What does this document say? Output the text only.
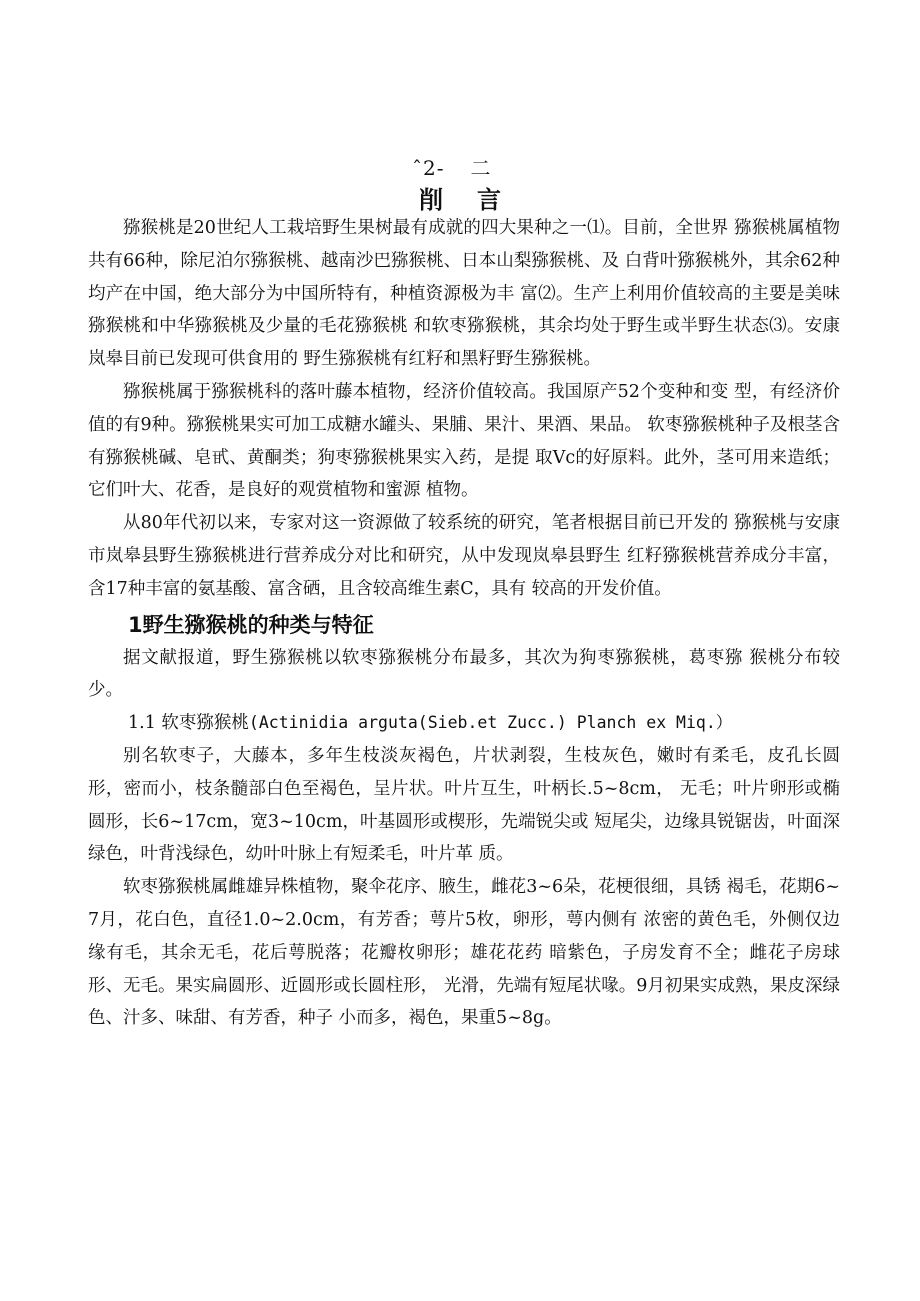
ˆ2- 二
削言

猕猴桃是20世纪人工栽培野生果树最有成就的四大果种之一⑴。目前，全世界 猕猴桃属植物共有66种，除尼泊尔猕猴桃、越南沙巴猕猴桃、日本山梨猕猴桃、及 白背叶猕猴桃外，其余62种均产在中国，绝大部分为中国所特有，种植资源极为丰 富⑵。生产上利用价值较高的主要是美味猕猴桃和中华猕猴桃及少量的毛花猕猴桃 和软枣猕猴桃，其余均处于野生或半野生状态⑶。安康岚皋目前已发现可供食用的 野生猕猴桃有红籽和黑籽野生猕猴桃。

猕猴桃属于猕猴桃科的落叶藤本植物，经济价值较高。我国原产52个变种和变 型，有经济价值的有9种。猕猴桃果实可加工成糖水罐头、果脯、果汁、果酒、果品。 软枣猕猴桃种子及根茎含有猕猴桃碱、皂甙、黄酮类；狗枣猕猴桃果实入药，是提 取Vc的好原料。此外，茎可用来造纸；它们叶大、花香，是良好的观赏植物和蜜源 植物。

从80年代初以来，专家对这一资源做了较系统的研究，笔者根据目前已开发的 猕猴桃与安康市岚皋县野生猕猴桃进行营养成分对比和研究，从中发现岚皋县野生 红籽猕猴桃营养成分丰富，含17种丰富的氨基酸、富含硒，且含较高维生素C，具有 较高的开发价值。

1野生猕猴桃的种类与特征

据文献报道，野生猕猴桃以软枣猕猴桃分布最多，其次为狗枣猕猴桃，葛枣猕 猴桃分布较少。

1.1 软枣猕猴桃(Actinidia arguta(Sieb.et Zucc.) Planch ex Miq.）

别名软枣子，大藤本，多年生枝淡灰褐色，片状剥裂，生枝灰色，嫩时有柔毛，皮孔长圆形，密而小，枝条髓部白色至褐色，呈片状。叶片互生，叶柄长.5~8cm， 无毛；叶片卵形或椭圆形，长6~17cm，宽3~10cm，叶基圆形或楔形，先端锐尖或 短尾尖，边缘具锐锯齿，叶面深绿色，叶背浅绿色，幼叶叶脉上有短柔毛，叶片革 质。

软枣猕猴桃属雌雄异株植物，聚伞花序、腋生，雌花3~6朵，花梗很细，具锈 褐毛，花期6~7月，花白色，直径1.0~2.0cm，有芳香；萼片5枚，卵形，萼内侧有 浓密的黄色毛，外侧仅边缘有毛，其余无毛，花后萼脱落；花瓣枚卵形；雄花花药 暗紫色，子房发育不全；雌花子房球形、无毛。果实扁圆形、近圆形或长圆柱形， 光滑，先端有短尾状喙。9月初果实成熟，果皮深绿色、汁多、味甜、有芳香，种子 小而多，褐色，果重5~8g。
